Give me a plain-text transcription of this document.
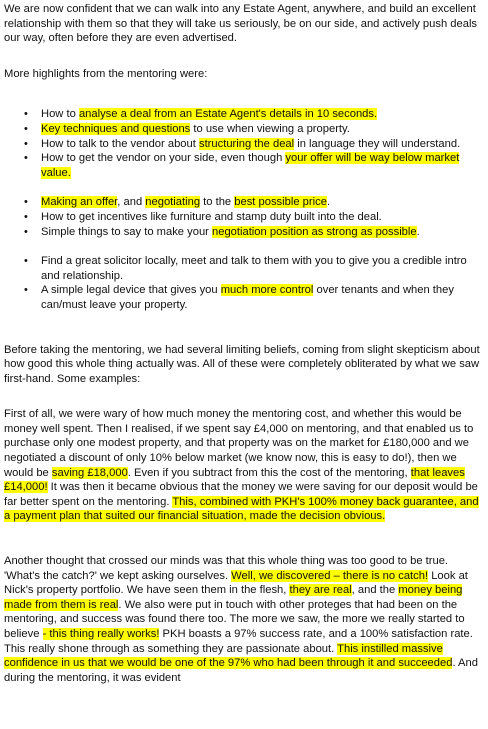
We are now confident that we can walk into any Estate Agent, anywhere, and build an excellent relationship with them so that they will take us seriously, be on our side, and actively push deals our way, often before they are even advertised.

More highlights from the mentoring were:

• How to analyse a deal from an Estate Agent's details in 10 seconds.
• Key techniques and questions to use when viewing a property.
• How to talk to the vendor about structuring the deal in language they will understand.
• How to get the vendor on your side, even though your offer will be way below market value.
• Making an offer, and negotiating to the best possible price.
• How to get incentives like furniture and stamp duty built into the deal.
• Simple things to say to make your negotiation position as strong as possible.
• Find a great solicitor locally, meet and talk to them with you to give you a credible intro and relationship.
• A simple legal device that gives you much more control over tenants and when they can/must leave your property.

Before taking the mentoring, we had several limiting beliefs, coming from slight skepticism about how good this whole thing actually was. All of these were completely obliterated by what we saw first-hand. Some examples:

First of all, we were wary of how much money the mentoring cost, and whether this would be money well spent. Then I realised, if we spent say £4,000 on mentoring, and that enabled us to purchase only one modest property, and that property was on the market for £180,000 and we negotiated a discount of only 10% below market (we know now, this is easy to do!), then we would be saving £18,000. Even if you subtract from this the cost of the mentoring, that leaves £14,000! It was then it became obvious that the money we were saving for our deposit would be far better spent on the mentoring. This, combined with PKH's 100% money back guarantee, and a payment plan that suited our financial situation, made the decision obvious.

Another thought that crossed our minds was that this whole thing was too good to be true. 'What's the catch?' we kept asking ourselves. Well, we discovered – there is no catch! Look at Nick's property portfolio. We have seen them in the flesh, they are real, and the money being made from them is real. We also were put in touch with other proteges that had been on the mentoring, and success was found there too. The more we saw, the more we really started to believe - this thing really works! PKH boasts a 97% success rate, and a 100% satisfaction rate. This really shone through as something they are passionate about. This instilled massive confidence in us that we would be one of the 97% who had been through it and succeeded. And during the mentoring, it was evident
